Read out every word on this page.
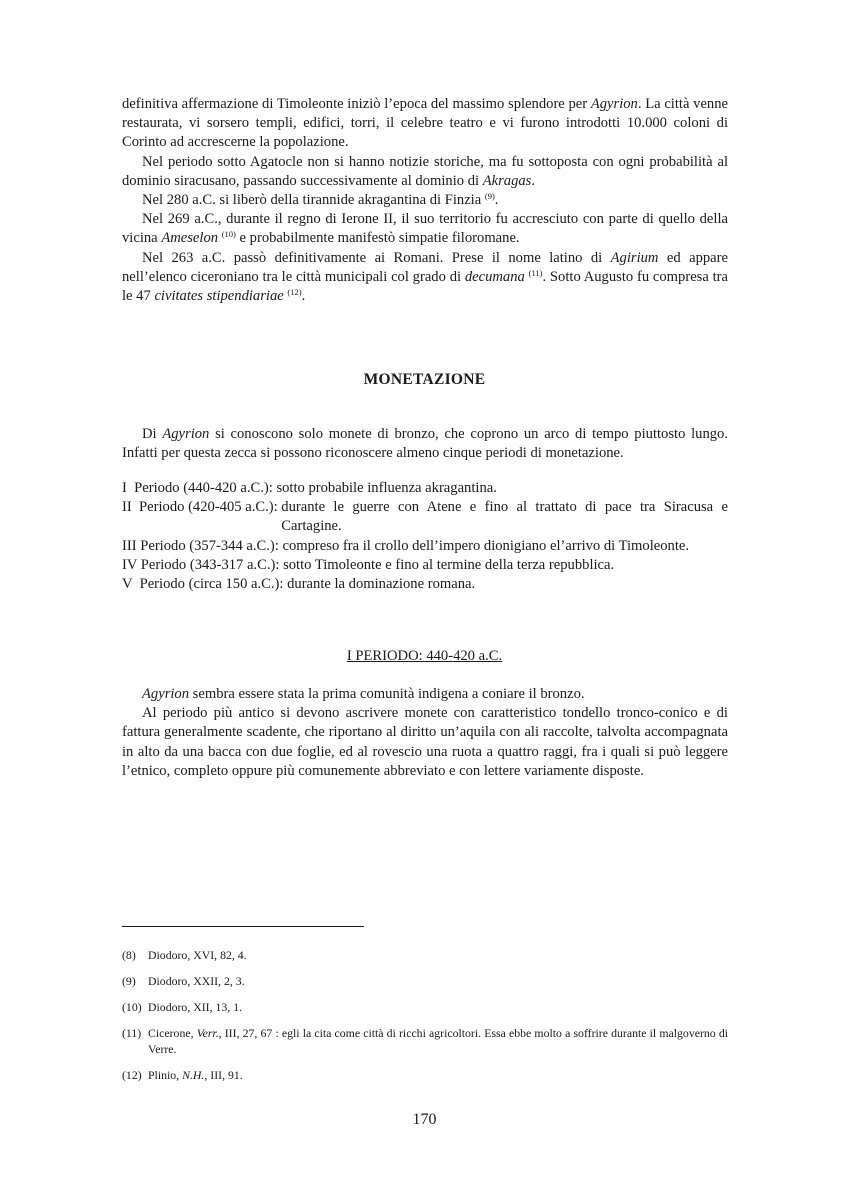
definitiva affermazione di Timoleonte iniziò l’epoca del massimo splendore per Agyrion. La città venne restaurata, vi sorsero templi, edifici, torri, il celebre teatro e vi furono introdotti 10.000 coloni di Corinto ad accrescerne la popolazione.

Nel periodo sotto Agatocle non si hanno notizie storiche, ma fu sottoposta con ogni probabilità al dominio siracusano, passando successivamente al dominio di Akragas.

Nel 280 a.C. si liberò della tirannide akragantina di Finzia $^{(9)}$.

Nel 269 a.C., durante il regno di Ierone II, il suo territorio fu accresciuto con parte di quello della vicina Ameselon $^{(10)}$ e probabilmente manifestò simpatie filoromane.

Nel 263 a.C. passò definitivamente ai Romani. Prese il nome latino di Agirium ed appare nell’elenco ciceroniano tra le città municipali col grado di decumana $^{(11)}$. Sotto Augusto fu compresa tra le 47 civitates stipendiariae $^{(12)}$.

MONETAZIONE

Di Agyrion si conoscono solo monete di bronzo, che coprono un arco di tempo piuttosto lungo. Infatti per questa zecca si possono riconoscere almeno cinque periodi di monetazione.

I  Periodo (440-420 a.C.): sotto probabile influenza akragantina.
II  Periodo (420-405 a.C.): durante le guerre con Atene e fino al trattato di pace tra Siracusa e Cartagine.
III Periodo (357-344 a.C.): compreso fra il crollo dell’impero dionigiano el’arrivo di Timoleonte.
IV Periodo (343-317 a.C.): sotto Timoleonte e fino al termine della terza repubblica.
V  Periodo (circa 150 a.C.): durante la dominazione romana.
I PERIODO: 440-420 a.C.

Agyrion sembra essere stata la prima comunità indigena a coniare il bronzo.

Al periodo più antico si devono ascrivere monete con caratteristico tondello tronco-conico e di fattura generalmente scadente, che riportano al diritto un’aquila con ali raccolte, talvolta accompagnata in alto da una bacca con due foglie, ed al rovescio una ruota a quattro raggi, fra i quali si può leggere l’etnico, completo oppure più comunemente abbreviato e con lettere variamente disposte.

(8)	Diodoro, XVI, 82, 4.
(9)	Diodoro, XXII, 2, 3.
(10) Diodoro, XII, 13, 1.
(11) Cicerone, Verr., III, 27, 67 : egli la cita come città di ricchi agricoltori. Essa ebbe molto a soffrire durante il malgoverno di Verre.
(12) Plinio, N.H., III, 91.
170
